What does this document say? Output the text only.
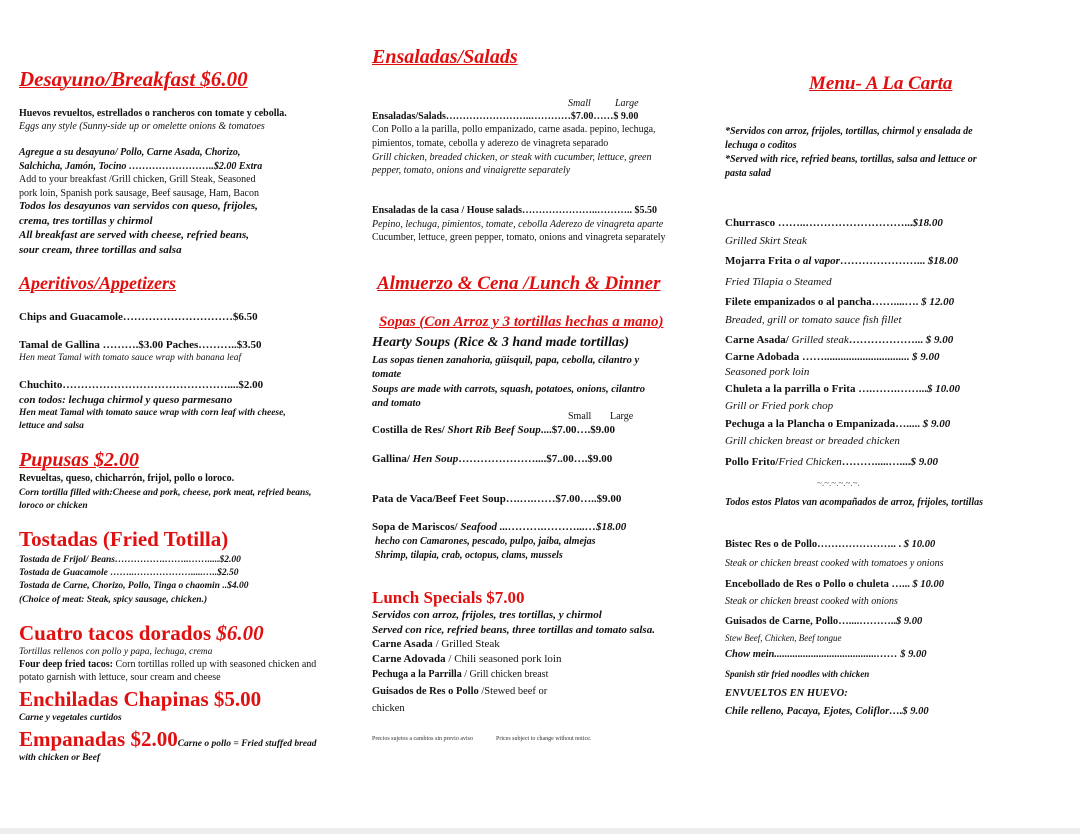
Desayuno/Breakfast $6.00
Huevos revueltos, estrellados o rancheros con tomate y cebolla.
Eggs any style (Sunny-side up or omelette onions & tomatoes
Agregue a su desayuno/ Pollo, Carne Asada, Chorizo,
Salchicha, Jamón, Tocino ……………………..$2.00 Extra
Add to your breakfast /Grill chicken, Grill Steak, Seasoned
pork loin, Spanish pork sausage, Beef sausage, Ham, Bacon
Todos los desayunos van servidos con queso, frijoles,
crema, tres tortillas y chirmol
All breakfast are served with cheese, refried beans,
sour cream, three tortillas and salsa
Aperitivos/Appetizers
Chips and Guacamole…………………………$6.50
Tamal de Gallina ……….$3.00 Paches………..$3.50
Hen meat Tamal with tomato sauce wrap with banana leaf
Chuchito………………………………………....$2.00
con todos: lechuga chirmol y queso parmesano
Hen meat Tamal with tomato sauce wrap with corn leaf with cheese,
lettuce and salsa
Pupusas $2.00
Revueltas, queso, chicharrón, frijol, pollo o loroco.
Corn tortilla filled with:Cheese and pork, cheese, pork meat, refried beans,
loroco or chicken
Tostadas (Fried Totilla)
Tostada de Frijol/ Beans…………….……..…….....$2.00
Tostada de Guacamole ……..……………….....…..$2.50
Tostada de Carne, Chorizo, Pollo, Tinga o chaomin ..$4.00
(Choice of meat: Steak, spicy sausage, chicken.)
Cuatro tacos dorados $6.00
Tortillas rellenos con pollo y papa, lechuga, crema
Four deep fried tacos: Corn tortillas rolled up with seasoned chicken and
potato garnish with lettuce, sour cream and cheese
Enchiladas Chapinas $5.00
Carne y vegetales curtidos
Empanadas $2.00Carne o pollo = Fried stuffed bread
with chicken or Beef
Ensaladas/Salads
Small Large
Ensaladas/Salads……………………..…………$7.00……$ 9.00
Con Pollo a la parilla, pollo empanizado, carne asada. pepino, lechuga,
pimientos, tomate, cebolla y aderezo de vinagreta separado
Grill chicken, breaded chicken, or steak with cucumber, lettuce, green
pepper, tomato, onions and vinaigrette separately
Ensaladas de la casa / House salads…………………..……….. $5.50
Pepino, lechuga, pimientos, tomate, cebolla Aderezo de vinagreta aparte
Cucumber, lettuce, green pepper, tomato, onions and vinagreta separately
Almuerzo & Cena /Lunch & Dinner
Sopas (Con Arroz y 3 tortillas hechas a mano)
Hearty Soups (Rice & 3 hand made tortillas)
Las sopas tienen zanahoria, güisquil, papa, cebolla, cilantro y
tomate
Soups are made with carrots, squash, potatoes, onions, cilantro
and tomato
Small Large
Costilla de Res/ Short Rib Beef Soup....$7.00….$9.00
Gallina/ Hen Soup…………………....$7..00….$9.00
Pata de Vaca/Beef Feet Soup….….……$7.00…..$9.00
Sopa de Mariscos/ Seafood ...……….………...…$18.00
hecho con Camarones, pescado, pulpo, jaiba, almejas
Shrimp, tilapia, crab, octopus, clams, mussels
Lunch Specials $7.00
Servidos con arroz, frijoles, tres tortillas, y chirmol
Served con rice, refried beans, three tortillas and tomato salsa.
Carne Asada / Grilled Steak
Carne Adovada / Chili seasoned pork loin
Pechuga a la Parrilla / Grill chicken breast
Guisados de Res o Pollo /Stewed beef or
chicken
Precios sujetos a cambios sin previo aviso	Prices subject to change without notice.
Menu- A La Carta
*Servidos con arroz, frijoles, tortillas, chirmol y ensalada de
lechuga o coditos
*Served with rice, refried beans, tortillas, salsa and lettuce or
pasta salad
Churrasco ……..………………………...$18.00
Grilled Skirt Steak
Mojarra Frita o al vapor…………………... $18.00
Fried Tilapia o Steamed
Filete empanizados o al pancha……....…. $ 12.00
Breaded, grill or tomato sauce fish fillet
Carne Asada/ Grilled steak………………... $ 9.00
Carne Adobada ……............................... $ 9.00
Seasoned pork loin
Chuleta a la parrilla o Frita ….…….……...$ 10.00
Grill or Fried pork chop
Pechuga a la Plancha o Empanizada…..... $ 9.00
Grill chicken breast or breaded chicken
Pollo Frito/Fried Chicken……….....…....$ 9.00
~.~.~.~.~.~.
Todos estos Platos van acompañados de arroz, frijoles, tortillas
Bistec Res o de Pollo………………….. . $ 10.00
Steak or chicken breast cooked with tomatoes y onions
Encebollado de Res o Pollo o chuleta …... $ 10.00
Steak or chicken breast cooked with onions
Guisados de Carne, Pollo…....………..$ 9.00
Stew Beef, Chicken, Beef tongue
Chow mein.......................................…… $ 9.00
Spanish stir fried noodles with chicken
ENVUELTOS EN HUEVO:
Chile relleno, Pacaya, Ejotes, Coliflor….$ 9.00
